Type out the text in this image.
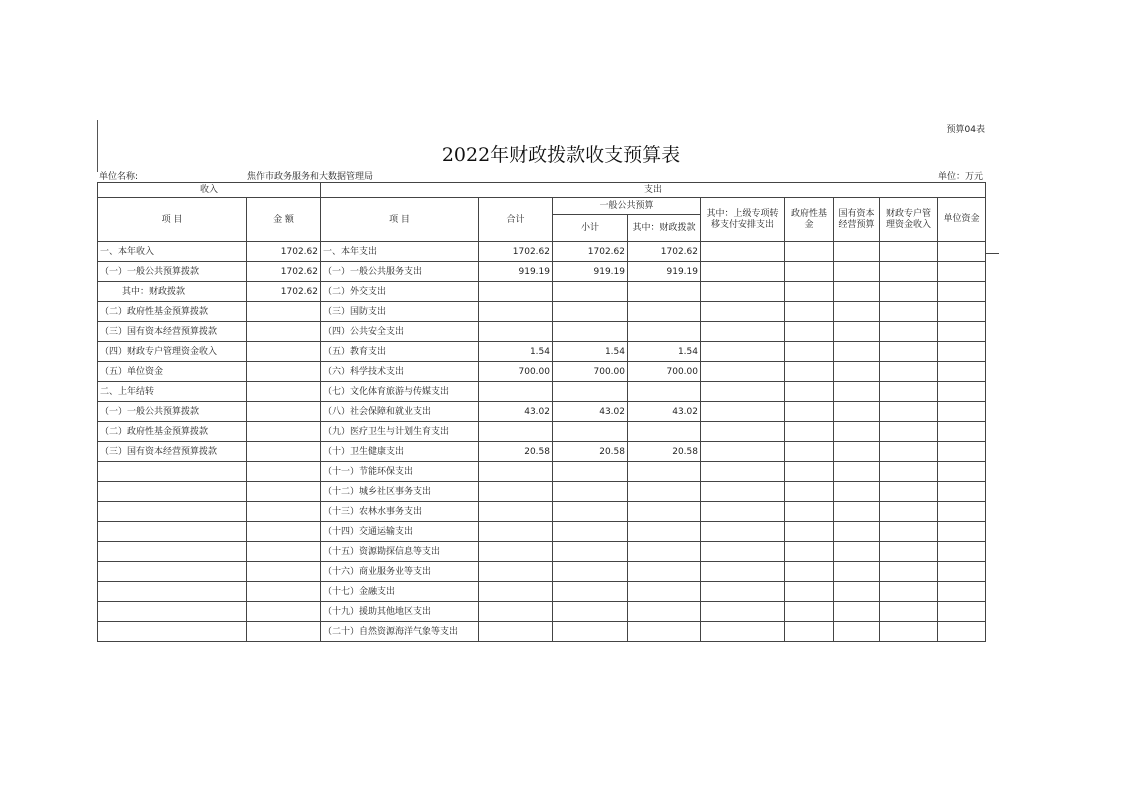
预算04表
2022年财政拨款收支预算表
单位名称:	焦作市政务服务和大数据管理局	单位：万元
收入		支出								
项 目	金 额	项 目	合计	一般公共预算		其中：上级专项转移支付安排支出	政府性基金	国有资本经营预算	财政专户管理资金收入	单位资金
				小计	其中：财政拨款					
一、本年收入	1702.62	一、本年支出	1702.62	1702.62	1702.62					
（一）一般公共预算拨款	1702.62	（一）一般公共服务支出	919.19	919.19	919.19					
其中：财政拨款	1702.62	（二）外交支出								
（二）政府性基金预算拨款		（三）国防支出								
（三）国有资本经营预算拨款		（四）公共安全支出								
（四）财政专户管理资金收入		（五）教育支出	1.54	1.54	1.54					
（五）单位资金		（六）科学技术支出	700.00	700.00	700.00					
二、上年结转		（七）文化体育旅游与传媒支出								
（一）一般公共预算拨款		（八）社会保障和就业支出	43.02	43.02	43.02					
（二）政府性基金预算拨款		（九）医疗卫生与计划生育支出								
（三）国有资本经营预算拨款		（十）卫生健康支出	20.58	20.58	20.58					
		（十一）节能环保支出								
		（十二）城乡社区事务支出								
		（十三）农林水事务支出								
		（十四）交通运输支出								
		（十五）资源勘探信息等支出								
		（十六）商业服务业等支出								
		（十七）金融支出								
		（十九）援助其他地区支出								
		（二十）自然资源海洋气象等支出								
